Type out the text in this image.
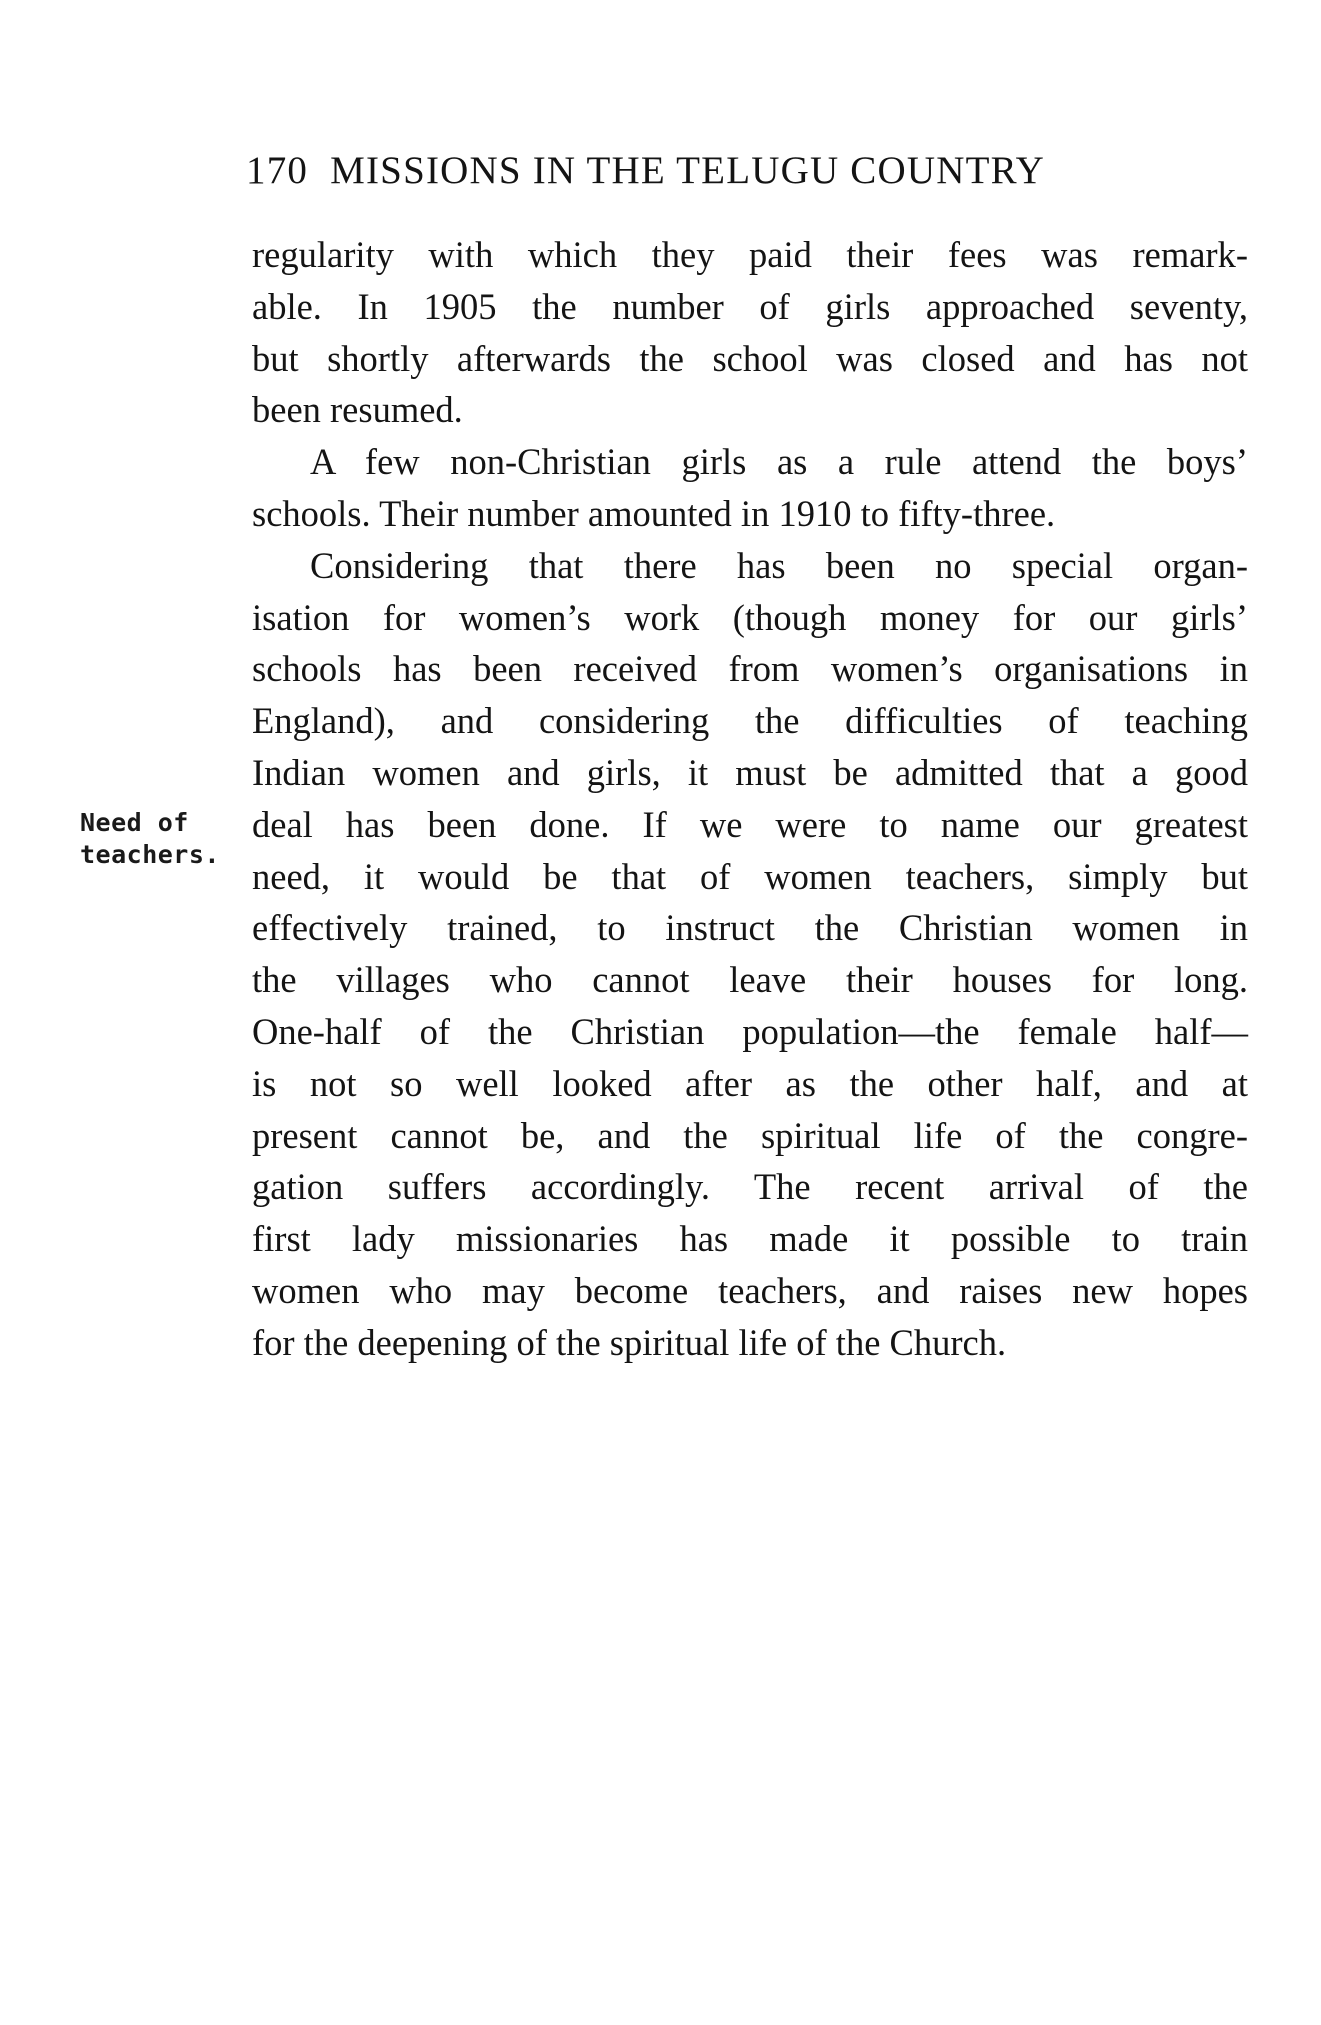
170 MISSIONS IN THE TELUGU COUNTRY
Need of
teachers.
regularity with which they paid their fees was remark-
able. In 1905 the number of girls approached seventy,
but shortly afterwards the school was closed and has not
been resumed.
A few non-Christian girls as a rule attend the boys’
schools. Their number amounted in 1910 to fifty-three.
Considering that there has been no special organ-
isation for women’s work (though money for our girls’
schools has been received from women’s organisations in
England), and considering the difficulties of teaching
Indian women and girls, it must be admitted that a good
deal has been done. If we were to name our greatest
need, it would be that of women teachers, simply but
effectively trained, to instruct the Christian women in
the villages who cannot leave their houses for long.
One-half of the Christian population—the female half—
is not so well looked after as the other half, and at
present cannot be, and the spiritual life of the congre-
gation suffers accordingly. The recent arrival of the
first lady missionaries has made it possible to train
women who may become teachers, and raises new hopes
for the deepening of the spiritual life of the Church.
